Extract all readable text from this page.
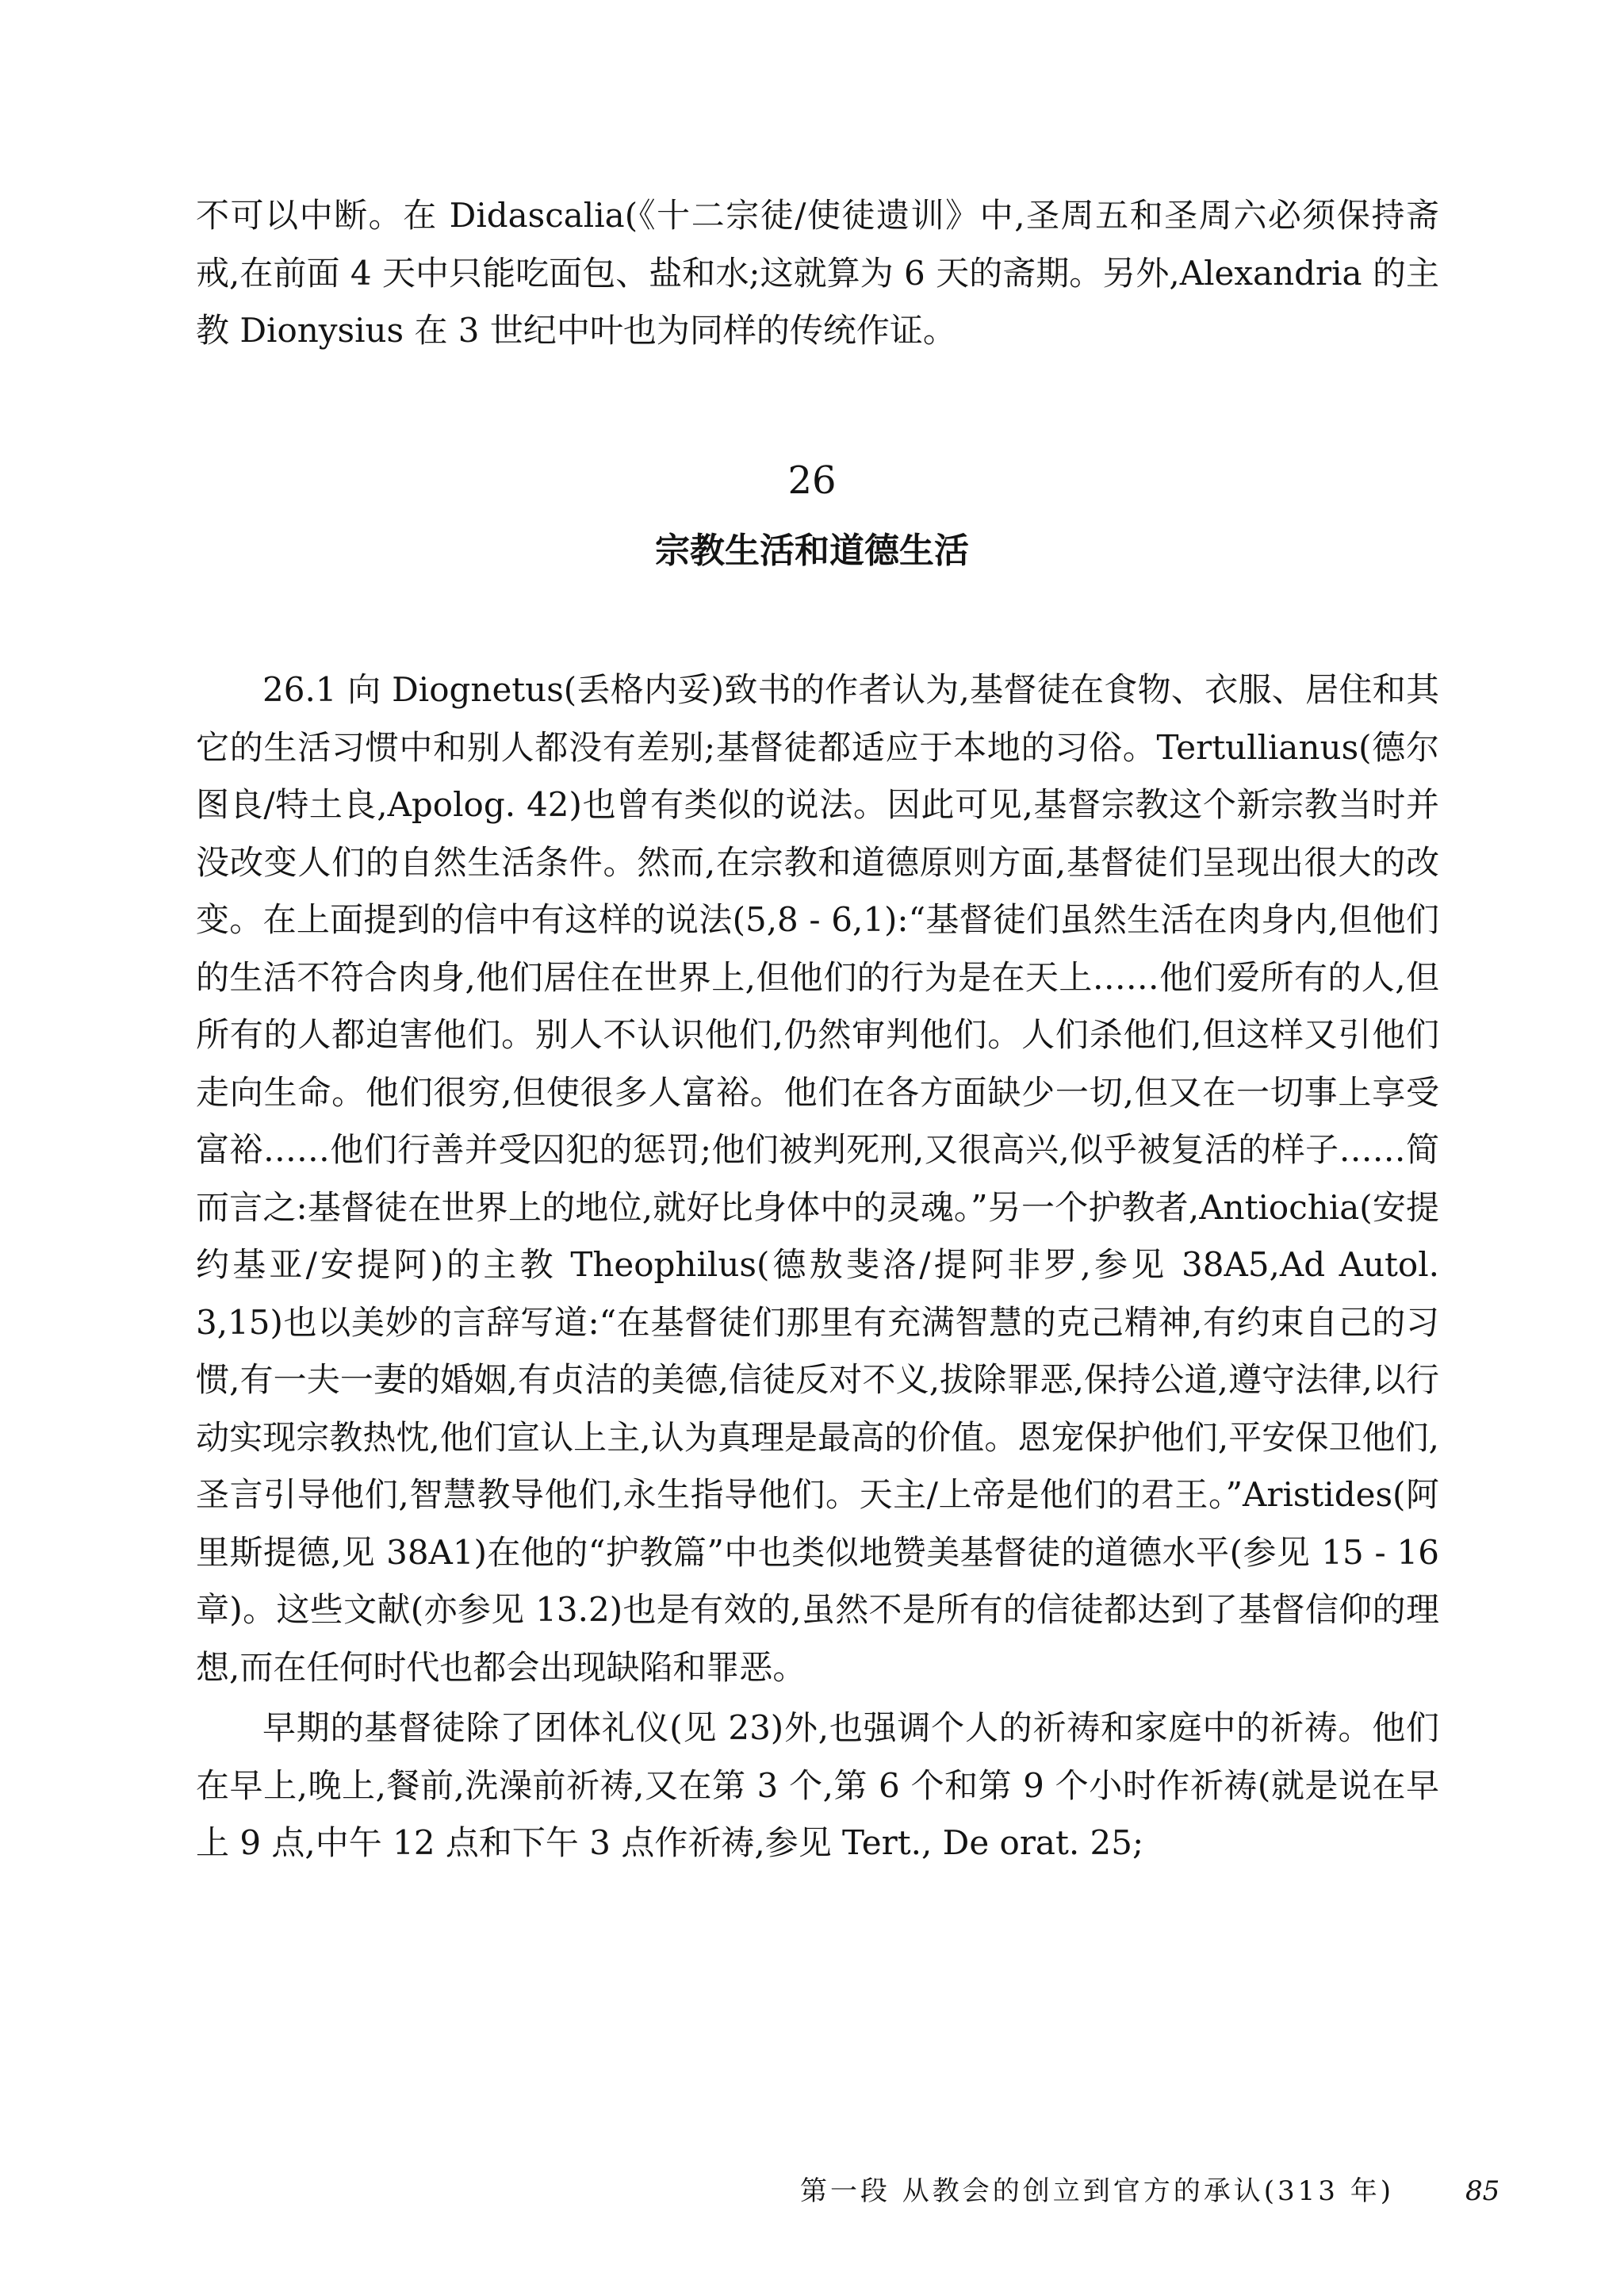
不可以中断。在 Didascalia(《十二宗徒/使徒遗训》中,圣周五和圣周六必须保持斋戒,在前面 4 天中只能吃面包、盐和水;这就算为 6 天的斋期。另外,Alexandria 的主教 Dionysius 在 3 世纪中叶也为同样的传统作证。

26
宗教生活和道德生活

26.1 向 Diognetus(丢格内妥)致书的作者认为,基督徒在食物、衣服、居住和其它的生活习惯中和别人都没有差别;基督徒都适应于本地的习俗。Tertullianus(德尔图良/特土良,Apolog. 42)也曾有类似的说法。因此可见,基督宗教这个新宗教当时并没改变人们的自然生活条件。然而,在宗教和道德原则方面,基督徒们呈现出很大的改变。在上面提到的信中有这样的说法(5,8 - 6,1):“基督徒们虽然生活在肉身内,但他们的生活不符合肉身,他们居住在世界上,但他们的行为是在天上……他们爱所有的人,但所有的人都迫害他们。别人不认识他们,仍然审判他们。人们杀他们,但这样又引他们走向生命。他们很穷,但使很多人富裕。他们在各方面缺少一切,但又在一切事上享受富裕……他们行善并受囚犯的惩罚;他们被判死刑,又很高兴,似乎被复活的样子……简而言之:基督徒在世界上的地位,就好比身体中的灵魂。”另一个护教者,Antiochia(安提约基亚/安提阿)的主教 Theophilus(德敖斐洛/提阿非罗,参见 38A5,Ad Autol. 3,15)也以美妙的言辞写道:“在基督徒们那里有充满智慧的克己精神,有约束自己的习惯,有一夫一妻的婚姻,有贞洁的美德,信徒反对不义,拔除罪恶,保持公道,遵守法律,以行动实现宗教热忱,他们宣认上主,认为真理是最高的价值。恩宠保护他们,平安保卫他们,圣言引导他们,智慧教导他们,永生指导他们。天主/上帝是他们的君王。”Aristides(阿里斯提德,见 38A1)在他的“护教篇”中也类似地赞美基督徒的道德水平(参见 15 - 16章)。这些文献(亦参见 13.2)也是有效的,虽然不是所有的信徒都达到了基督信仰的理想,而在任何时代也都会出现缺陷和罪恶。

早期的基督徒除了团体礼仪(见 23)外,也强调个人的祈祷和家庭中的祈祷。他们在早上,晚上,餐前,洗澡前祈祷,又在第 3 个,第 6 个和第 9 个小时作祈祷(就是说在早上 9 点,中午 12 点和下午 3 点作祈祷,参见 Tert., De orat. 25;

第一段 从教会的创立到官方的承认(313 年)	85
